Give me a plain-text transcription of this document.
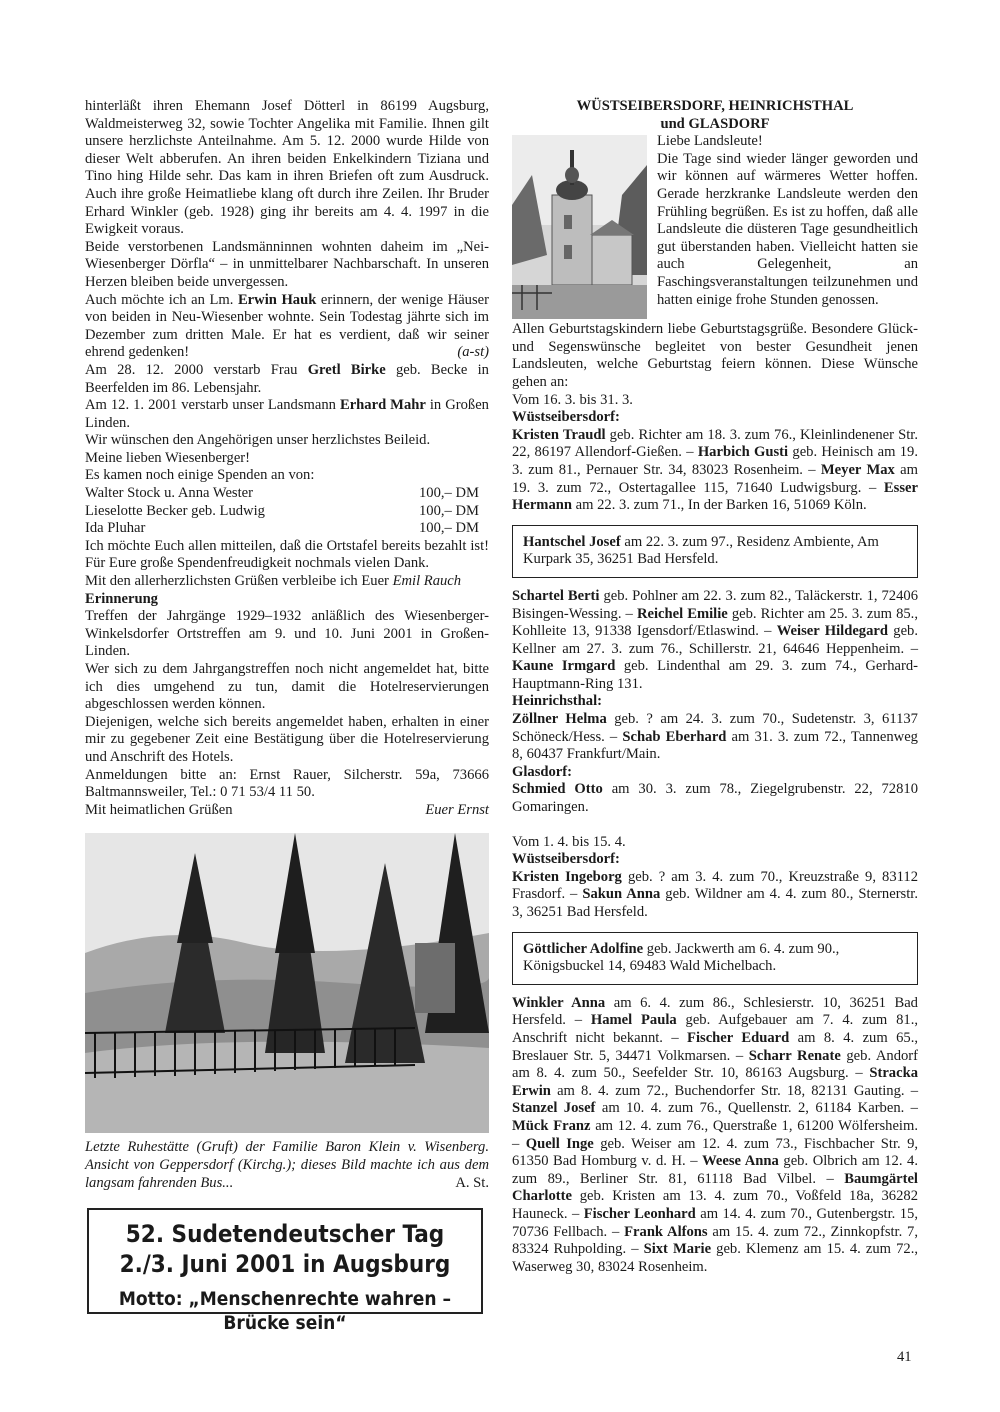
hinterläßt ihren Ehemann Josef Dötterl in 86199 Augsburg, Waldmeisterweg 32, sowie Tochter Angelika mit Familie. Ihnen gilt unsere herzlichste Anteilnahme. Am 5. 12. 2000 wurde Hilde von dieser Welt abberufen. An ihren beiden Enkelkindern Tiziana und Tino hing Hilde sehr. Das kam in ihren Briefen oft zum Ausdruck. Auch ihre große Heimatliebe klang oft durch ihre Zeilen. Ihr Bruder Erhard Winkler (geb. 1928) ging ihr bereits am 4. 4. 1997 in die Ewigkeit voraus.

Beide verstorbenen Landsmänninnen wohnten daheim im „Nei-Wiesenberger Dörfla“ – in unmittelbarer Nachbarschaft. In unseren Herzen bleiben beide unvergessen.

Auch möchte ich an Lm. Erwin Hauk erinnern, der wenige Häuser von beiden in Neu-Wiesenber wohnte. Sein Todestag jährte sich im Dezember zum dritten Male. Er hat es verdient, daß wir seiner ehrend gedenken!	(a-st)

Am 28. 12. 2000 verstarb Frau Gretl Birke geb. Becke in Beerfelden im 86. Lebensjahr.

Am 12. 1. 2001 verstarb unser Landsmann Erhard Mahr in Großen Linden.

Wir wünschen den Angehörigen unser herzlichstes Beileid.

Meine lieben Wiesenberger!

Es kamen noch einige Spenden an von:

Walter Stock u. Anna Wester	100,– DM
Lieselotte Becker geb. Ludwig	100,– DM
Ida Pluhar	100,– DM

Ich möchte Euch allen mitteilen, daß die Ortstafel bereits bezahlt ist! Für Eure große Spendenfreudigkeit nochmals vielen Dank.

Mit den allerherzlichsten Grüßen verbleibe ich Euer Emil Rauch

Erinnerung

Treffen der Jahrgänge 1929–1932 anläßlich des Wiesenberger-Winkelsdorfer Ortstreffen am 9. und 10. Juni 2001 in Großen-Linden.

Wer sich zu dem Jahrgangstreffen noch nicht angemeldet hat, bitte ich dies umgehend zu tun, damit die Hotelreservierungen abgeschlossen werden können.

Diejenigen, welche sich bereits angemeldet haben, erhalten in einer mir zu gegebener Zeit eine Bestätigung über die Hotelreservierung und Anschrift des Hotels.

Anmeldungen bitte an: Ernst Rauer, Silcherstr. 59a, 73666 Baltmannsweiler, Tel.: 0 71 53/4 11 50.

Mit heimatlichen Grüßen	Euer Ernst

Letzte Ruhestätte (Gruft) der Familie Baron Klein v. Wisenberg. Ansicht von Geppersdorf (Kirchg.); dieses Bild machte ich aus dem langsam fahrenden Bus...	A. St.

52. Sudetendeutscher Tag
2./3. Juni 2001 in Augsburg
Motto: „Menschenrechte wahren – Brücke sein“

WÜSTSEIBERSDORF, HEINRICHSTHAL

und GLASDORF

Liebe Landsleute!

Die Tage sind wieder länger geworden und wir können auf wärmeres Wetter hoffen. Gerade herzkranke Landsleute werden den Frühling begrüßen. Es ist zu hoffen, daß alle Landsleute die düsteren Tage gesundheitlich gut überstanden haben. Vielleicht hatten sie auch Gelegenheit, an Faschingsveranstaltungen teilzunehmen und hatten einige frohe Stunden genossen.

Allen Geburtstagskindern liebe Geburtstagsgrüße. Besondere Glück- und Segenswünsche begleitet von bester Gesundheit jenen Landsleuten, welche Geburtstag feiern können. Diese Wünsche gehen an:

Vom 16. 3. bis 31. 3.

Wüstseibersdorf:

Kristen Traudl geb. Richter am 18. 3. zum 76., Kleinlindenener Str. 22, 86197 Allendorf-Gießen. – Harbich Gusti geb. Heinisch am 19. 3. zum 81., Pernauer Str. 34, 83023 Rosenheim. – Meyer Max am 19. 3. zum 72., Ostertagallee 115, 71640 Ludwigsburg. – Esser Hermann am 22. 3. zum 71., In der Barken 16, 51069 Köln.

Hantschel Josef am 22. 3. zum 97., Residenz Ambiente, Am Kurpark 35, 36251 Bad Hersfeld.

Schartel Berti geb. Pohlner am 22. 3. zum 82., Taläckerstr. 1, 72406 Bisingen-Wessing. – Reichel Emilie geb. Richter am 25. 3. zum 85., Kohlleite 13, 91338 Igensdorf/Etlaswind. – Weiser Hildegard geb. Kellner am 27. 3. zum 76., Schillerstr. 21, 64646 Heppenheim. – Kaune Irmgard geb. Lindenthal am 29. 3. zum 74., Gerhard-Hauptmann-Ring 131.

Heinrichsthal:

Zöllner Helma geb. ? am 24. 3. zum 70., Sudetenstr. 3, 61137 Schöneck/Hess. – Schab Eberhard am 31. 3. zum 72., Tannenweg 8, 60437 Frankfurt/Main.

Glasdorf:

Schmied Otto am 30. 3. zum 78., Ziegelgrubenstr. 22, 72810 Gomaringen.

Vom 1. 4. bis 15. 4.

Wüstseibersdorf:

Kristen Ingeborg geb. ? am 3. 4. zum 70., Kreuzstraße 9, 83112 Frasdorf. – Sakun Anna geb. Wildner am 4. 4. zum 80., Sternerstr. 3, 36251 Bad Hersfeld.

Göttlicher Adolfine geb. Jackwerth am 6. 4. zum 90., Königsbuckel 14, 69483 Wald Michelbach.

Winkler Anna am 6. 4. zum 86., Schlesierstr. 10, 36251 Bad Hersfeld. – Hamel Paula geb. Aufgebauer am 7. 4. zum 81., Anschrift nicht bekannt. – Fischer Eduard am 8. 4. zum 65., Breslauer Str. 5, 34471 Volkmarsen. – Scharr Renate geb. Andorf am 8. 4. zum 50., Seefelder Str. 10, 86163 Augsburg. – Stracka Erwin am 8. 4. zum 72., Buchendorfer Str. 18, 82131 Gauting. – Stanzel Josef am 10. 4. zum 76., Quellenstr. 2, 61184 Karben. – Mück Franz am 12. 4. zum 76., Querstraße 1, 61200 Wölfersheim. – Quell Inge geb. Weiser am 12. 4. zum 73., Fischbacher Str. 9, 61350 Bad Homburg v. d. H. – Weese Anna geb. Olbrich am 12. 4. zum 89., Berliner Str. 81, 61118 Bad Vilbel. – Baumgärtel Charlotte geb. Kristen am 13. 4. zum 70., Voßfeld 18a, 36282 Hauneck. – Fischer Leonhard am 14. 4. zum 70., Gutenbergstr. 15, 70736 Fellbach. – Frank Alfons am 15. 4. zum 72., Zinnkopfstr. 7, 83324 Ruhpolding. – Sixt Marie geb. Klemenz am 15. 4. zum 72., Waserweg 30, 83024 Rosenheim.

41
